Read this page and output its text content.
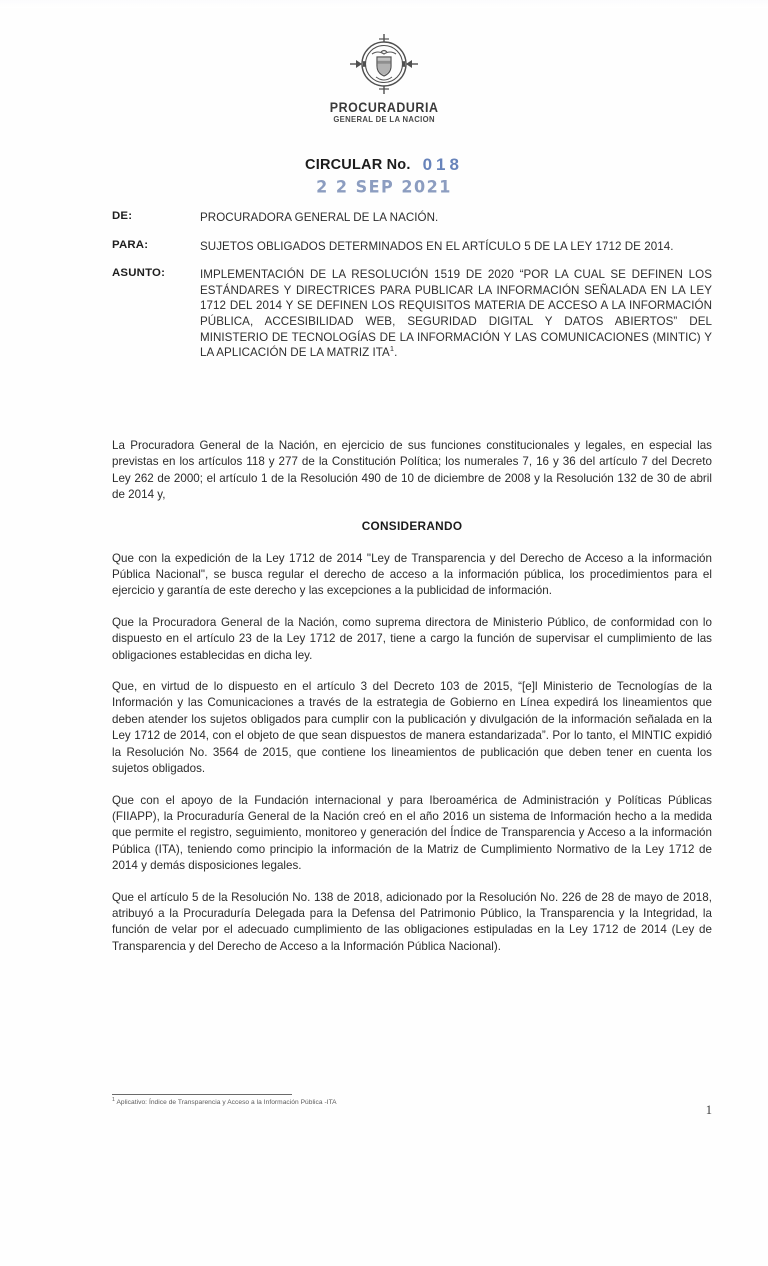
PROCURADURIA
GENERAL DE LA NACION
CIRCULAR No. 018
2 2 SEP 2021
DE:	PROCURADORA GENERAL DE LA NACIÓN.
PARA:	SUJETOS OBLIGADOS DETERMINADOS EN EL ARTÍCULO 5 DE LA LEY 1712 DE 2014.
ASUNTO:	IMPLEMENTACIÓN DE LA RESOLUCIÓN 1519 DE 2020 “POR LA CUAL SE DEFINEN LOS ESTÁNDARES Y DIRECTRICES PARA PUBLICAR LA INFORMACIÓN SEÑALADA EN LA LEY 1712 DEL 2014 Y SE DEFINEN LOS REQUISITOS MATERIA DE ACCESO A LA INFORMACIÓN PÚBLICA, ACCESIBILIDAD WEB, SEGURIDAD DIGITAL Y DATOS ABIERTOS” DEL MINISTERIO DE TECNOLOGÍAS DE LA INFORMACIÓN Y LAS COMUNICACIONES (MINTIC) Y LA APLICACIÓN DE LA MATRIZ ITA$^1$.

La Procuradora General de la Nación, en ejercicio de sus funciones constitucionales y legales, en especial las previstas en los artículos 118 y 277 de la Constitución Política; los numerales 7, 16 y 36 del artículo 7 del Decreto Ley 262 de 2000; el artículo 1 de la Resolución 490 de 10 de diciembre de 2008 y la Resolución 132 de 30 de abril de 2014 y,

CONSIDERANDO

Que con la expedición de la Ley 1712 de 2014 "Ley de Transparencia y del Derecho de Acceso a la información Pública Nacional", se busca regular el derecho de acceso a la información pública, los procedimientos para el ejercicio y garantía de este derecho y las excepciones a la publicidad de información.

Que la Procuradora General de la Nación, como suprema directora de Ministerio Público, de conformidad con lo dispuesto en el artículo 23 de la Ley 1712 de 2017, tiene a cargo la función de supervisar el cumplimiento de las obligaciones establecidas en dicha ley.

Que, en virtud de lo dispuesto en el artículo 3 del Decreto 103 de 2015, “[e]l Ministerio de Tecnologías de la Información y las Comunicaciones a través de la estrategia de Gobierno en Línea expedirá los lineamientos que deben atender los sujetos obligados para cumplir con la publicación y divulgación de la información señalada en la Ley 1712 de 2014, con el objeto de que sean dispuestos de manera estandarizada”. Por lo tanto, el MINTIC expidió la Resolución No. 3564 de 2015, que contiene los lineamientos de publicación que deben tener en cuenta los sujetos obligados.

Que con el apoyo de la Fundación internacional y para Iberoamérica de Administración y Políticas Públicas (FIIAPP), la Procuraduría General de la Nación creó en el año 2016 un sistema de Información hecho a la medida que permite el registro, seguimiento, monitoreo y generación del Índice de Transparencia y Acceso a la información Pública (ITA), teniendo como principio la información de la Matriz de Cumplimiento Normativo de la Ley 1712 de 2014 y demás disposiciones legales.

Que el artículo 5 de la Resolución No. 138 de 2018, adicionado por la Resolución No. 226 de 28 de mayo de 2018, atribuyó a la Procuraduría Delegada para la Defensa del Patrimonio Público, la Transparencia y la Integridad, la función de velar por el adecuado cumplimiento de las obligaciones estipuladas en la Ley 1712 de 2014 (Ley de Transparencia y del Derecho de Acceso a la Información Pública Nacional).

$^1$ Aplicativo: Índice de Transparencia y Acceso a la Información Pública -ITA
1
